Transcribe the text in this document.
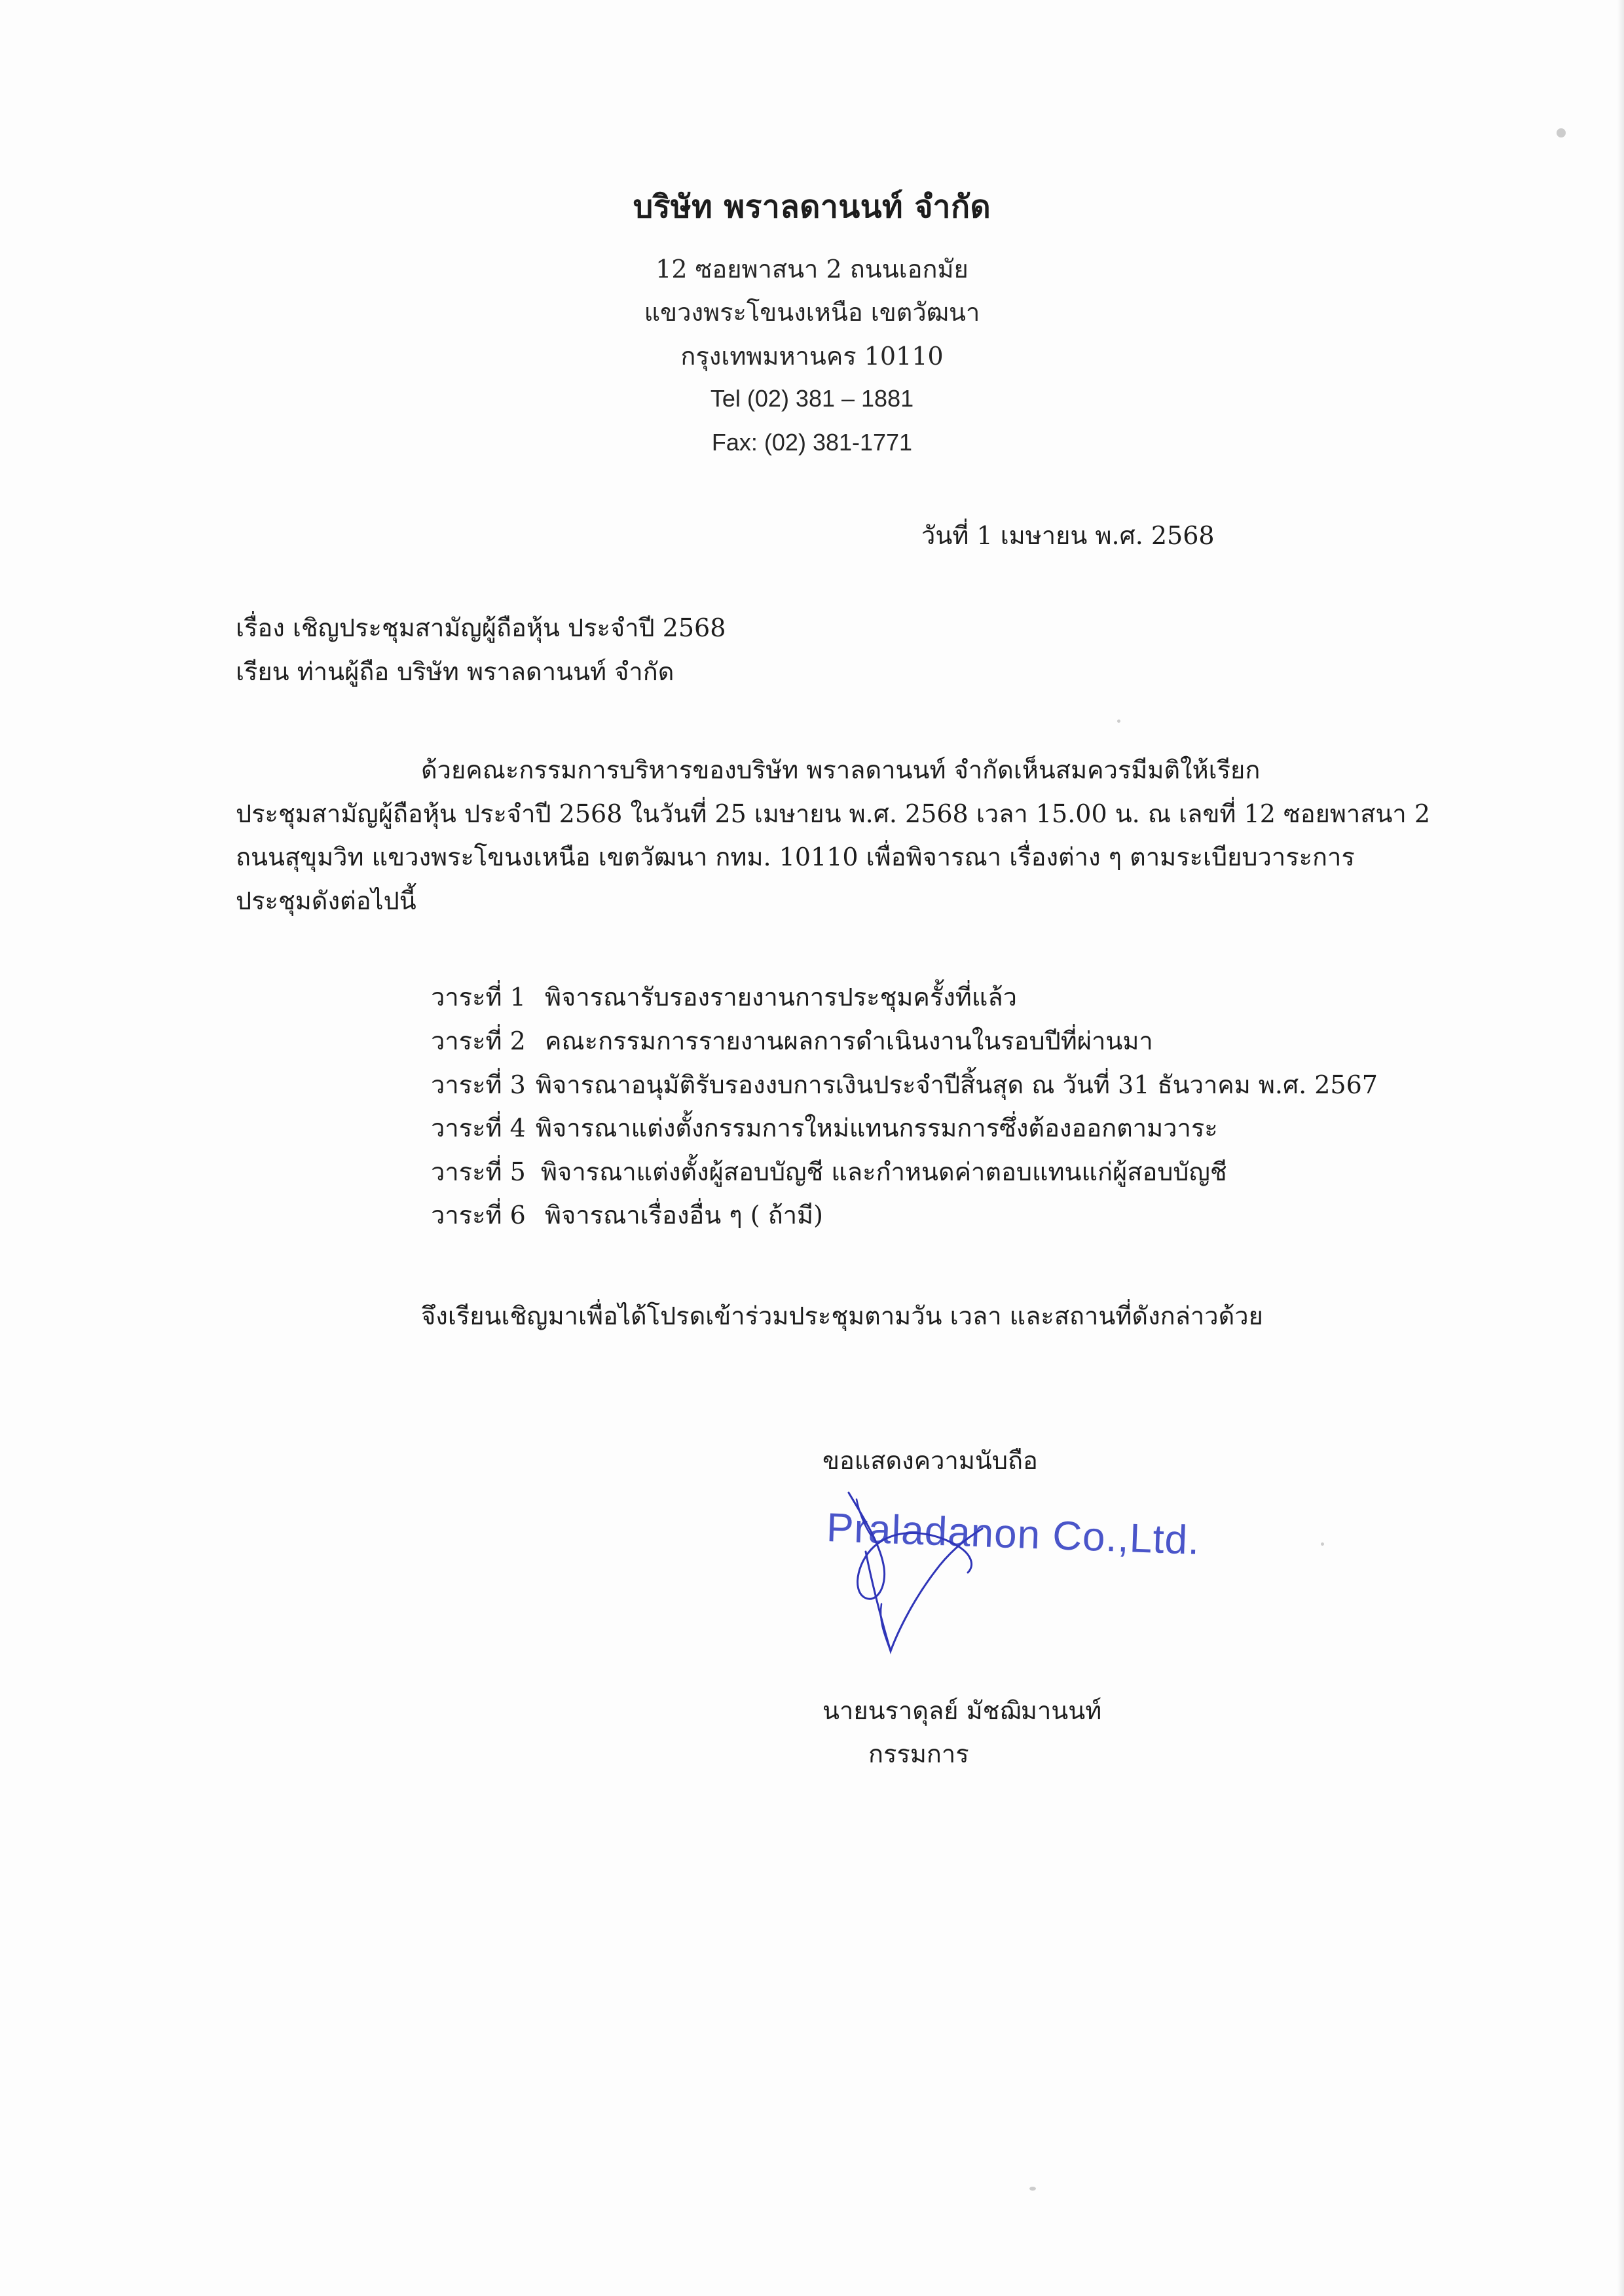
บริษัท พราลดานนท์ จำกัด
12 ซอยพาสนา 2 ถนนเอกมัย
แขวงพระโขนงเหนือ เขตวัฒนา
กรุงเทพมหานคร 10110
Tel (02) 381 – 1881
Fax: (02) 381-1771
วันที่ 1 เมษายน พ.ศ. 2568
เรื่อง เชิญประชุมสามัญผู้ถือหุ้น ประจำปี 2568
เรียน ท่านผู้ถือ บริษัท พราลดานนท์ จำกัด
ด้วยคณะกรรมการบริหารของบริษัท พราลดานนท์ จำกัดเห็นสมควรมีมติให้เรียก
ประชุมสามัญผู้ถือหุ้น ประจำปี 2568 ในวันที่ 25 เมษายน พ.ศ. 2568 เวลา 15.00 น. ณ เลขที่ 12 ซอยพาสนา 2
ถนนสุขุมวิท แขวงพระโขนงเหนือ เขตวัฒนา กทม. 10110 เพื่อพิจารณา เรื่องต่าง ๆ ตามระเบียบวาระการ
ประชุมดังต่อไปนี้
วาระที่ 1 พิจารณารับรองรายงานการประชุมครั้งที่แล้ว
วาระที่ 2 คณะกรรมการรายงานผลการดำเนินงานในรอบปีที่ผ่านมา
วาระที่ 3 พิจารณาอนุมัติรับรองงบการเงินประจำปีสิ้นสุด ณ วันที่ 31 ธันวาคม พ.ศ. 2567
วาระที่ 4 พิจารณาแต่งตั้งกรรมการใหม่แทนกรรมการซึ่งต้องออกตามวาระ
วาระที่ 5 พิจารณาแต่งตั้งผู้สอบบัญชี และกำหนดค่าตอบแทนแก่ผู้สอบบัญชี
วาระที่ 6 พิจารณาเรื่องอื่น ๆ ( ถ้ามี)
จึงเรียนเชิญมาเพื่อได้โปรดเข้าร่วมประชุมตามวัน เวลา และสถานที่ดังกล่าวด้วย
ขอแสดงความนับถือ
Praladanon Co.,Ltd.
นายนราดุลย์ มัชฌิมานนท์
กรรมการ
